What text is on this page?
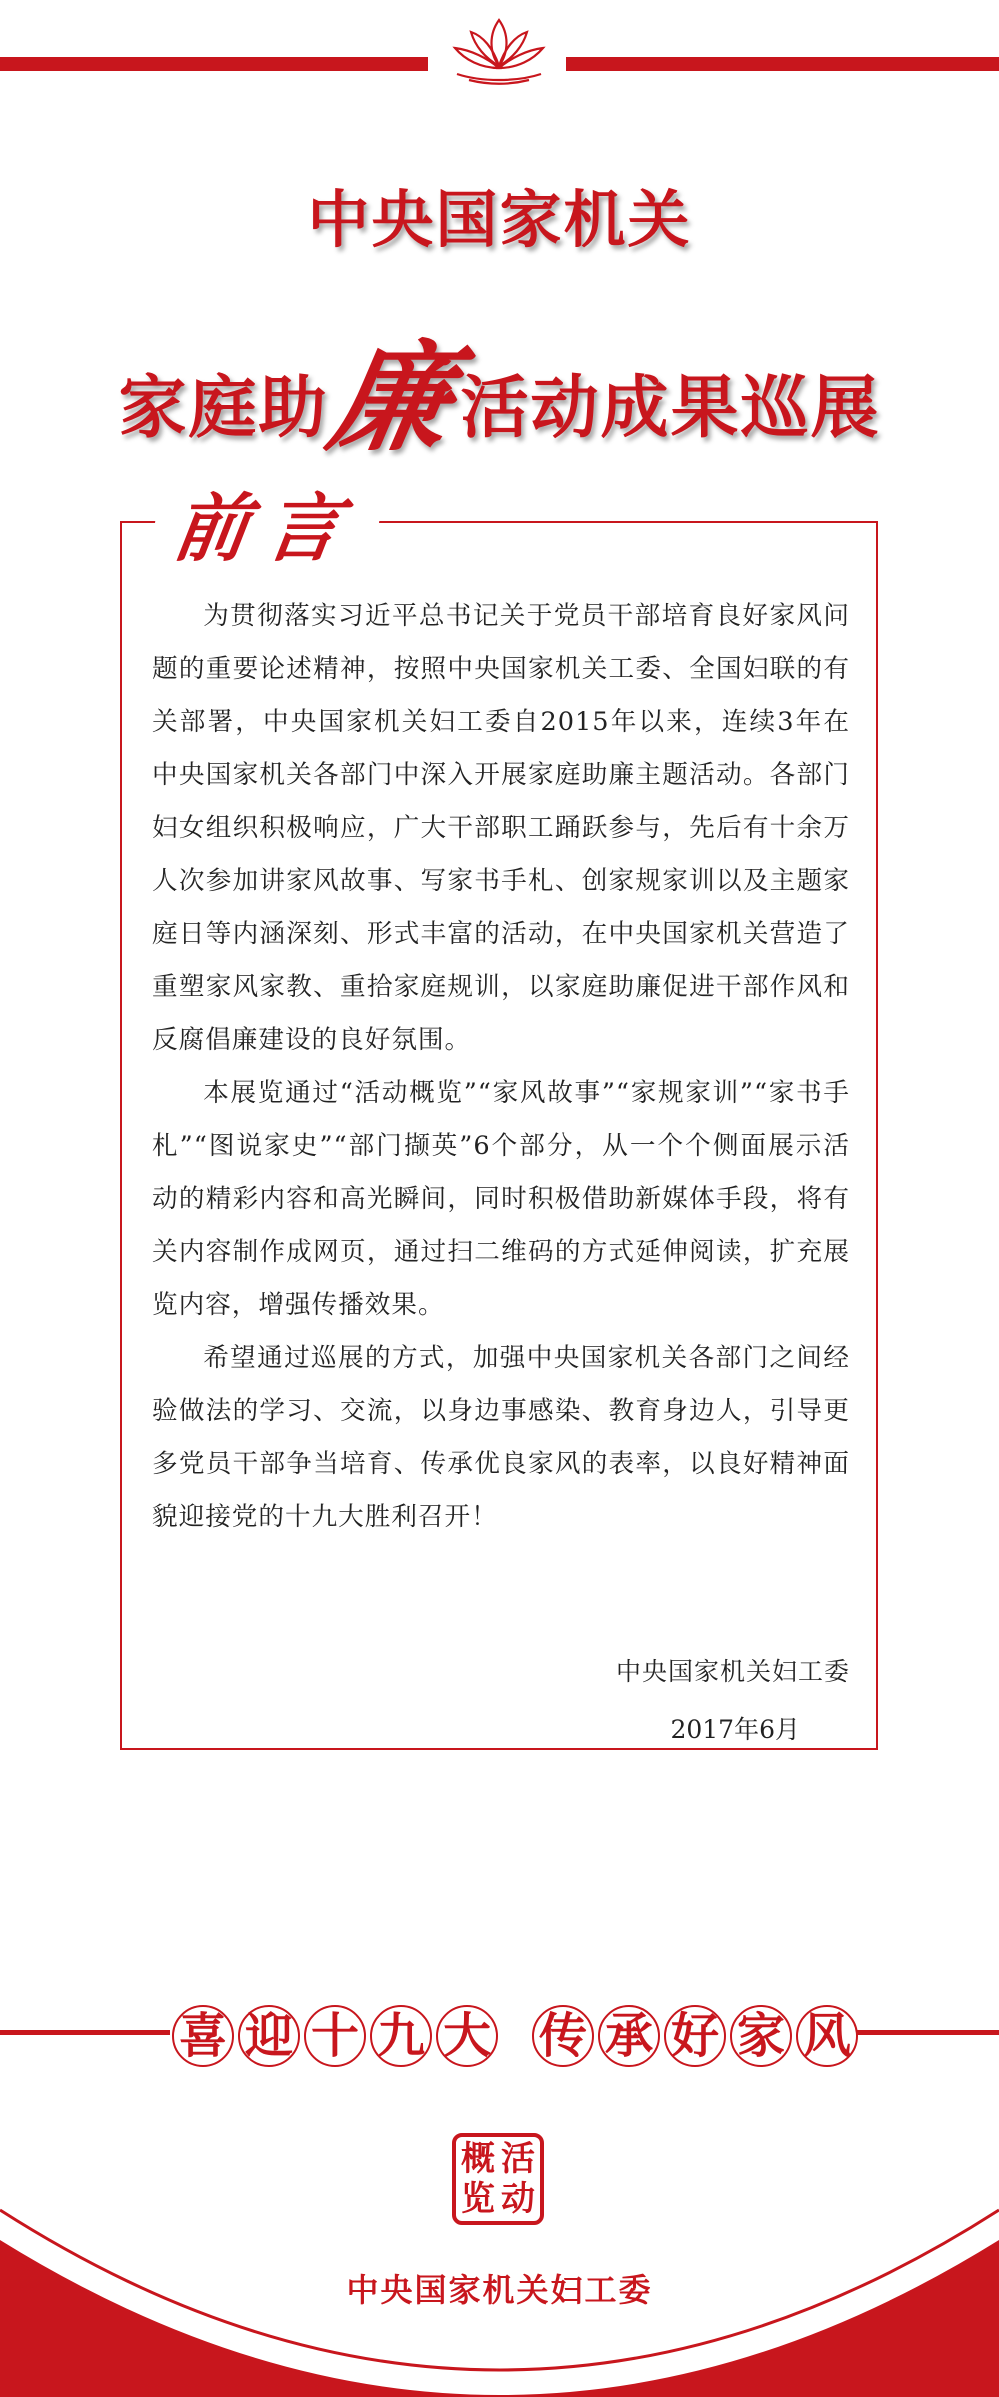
中央国家机关
家庭助廉活动成果巡展
前言

为贯彻落实习近平总书记关于党员干部培育良好家风问题的重要论述精神，按照中央国家机关工委、全国妇联的有关部署，中央国家机关妇工委自2015年以来，连续3年在中央国家机关各部门中深入开展家庭助廉主题活动。各部门妇女组织积极响应，广大干部职工踊跃参与，先后有十余万人次参加讲家风故事、写家书手札、创家规家训以及主题家庭日等内涵深刻、形式丰富的活动，在中央国家机关营造了重塑家风家教、重拾家庭规训，以家庭助廉促进干部作风和反腐倡廉建设的良好氛围。

本展览通过“活动概览”“家风故事”“家规家训”“家书手札”“图说家史”“部门撷英”6个部分，从一个个侧面展示活动的精彩内容和高光瞬间，同时积极借助新媒体手段，将有关内容制作成网页，通过扫二维码的方式延伸阅读，扩充展览内容，增强传播效果。

希望通过巡展的方式，加强中央国家机关各部门之间经验做法的学习、交流，以身边事感染、教育身边人，引导更多党员干部争当培育、传承优良家风的表率，以良好精神面貌迎接党的十九大胜利召开！

中央国家机关妇工委
2017年6月
喜 迎 十 九 大 传 承 好 家 风
概 活
览 动
中央国家机关妇工委
